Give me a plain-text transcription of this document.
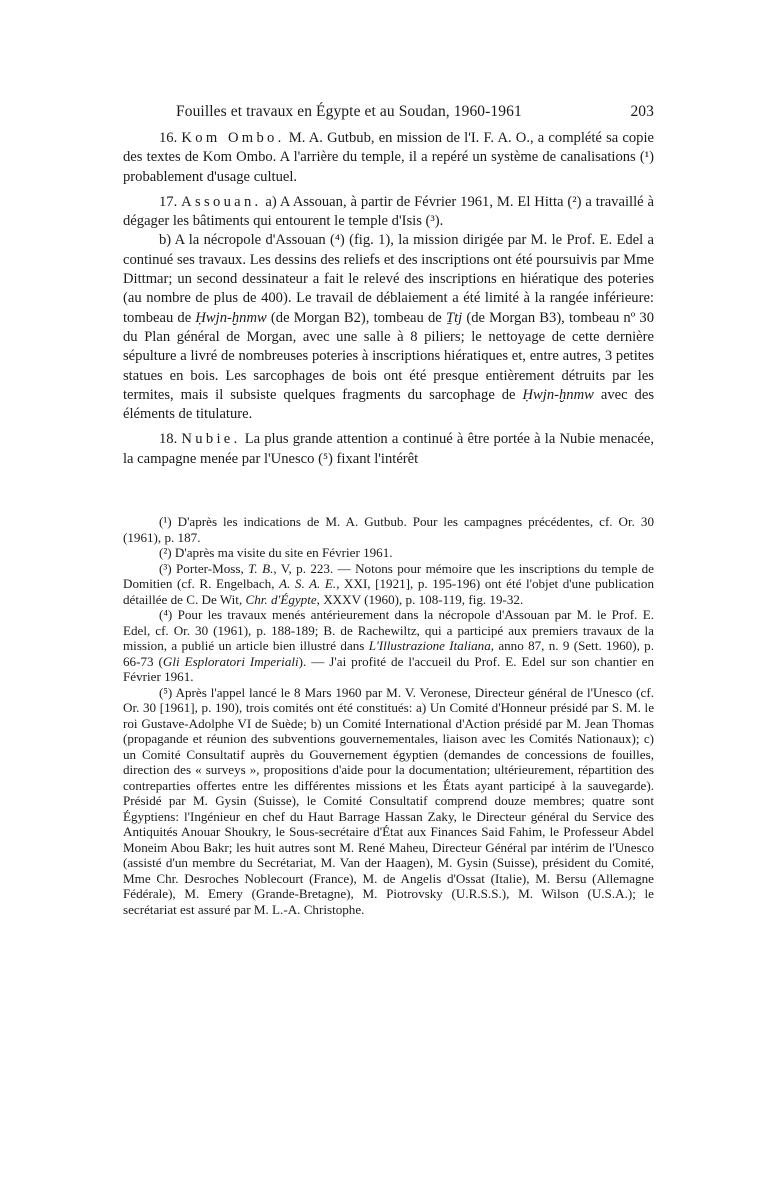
Fouilles et travaux en Égypte et au Soudan, 1960-1961	203

16. Kom Ombo. M. A. Gutbub, en mission de l'I. F. A. O., a complété sa copie des textes de Kom Ombo. A l'arrière du temple, il a repéré un système de canalisations (¹) probablement d'usage cultuel.

17. Assouan. a) A Assouan, à partir de Février 1961, M. El Hitta (²) a travaillé à dégager les bâtiments qui entourent le temple d'Isis (³).

b) A la nécropole d'Assouan (⁴) (fig. 1), la mission dirigée par M. le Prof. E. Edel a continué ses travaux. Les dessins des reliefs et des inscriptions ont été poursuivis par Mme Dittmar; un second dessinateur a fait le relevé des inscriptions en hiératique des poteries (au nombre de plus de 400). Le travail de déblaiement a été limité à la rangée inférieure: tombeau de Ḥwjn-ḫnmw (de Morgan B2), tombeau de Ṯtj (de Morgan B3), tombeau nº 30 du Plan général de Morgan, avec une salle à 8 piliers; le nettoyage de cette dernière sépulture a livré de nombreuses poteries à inscriptions hiératiques et, entre autres, 3 petites statues en bois. Les sarcophages de bois ont été presque entièrement détruits par les termites, mais il subsiste quelques fragments du sarcophage de Ḥwjn-ḫnmw avec des éléments de titulature.

18. Nubie. La plus grande attention a continué à être portée à la Nubie menacée, la campagne menée par l'Unesco (⁵) fixant l'intérêt

(¹) D'après les indications de M. A. Gutbub. Pour les campagnes précédentes, cf. Or. 30 (1961), p. 187.

(²) D'après ma visite du site en Février 1961.

(³) Porter-Moss, T. B., V, p. 223. — Notons pour mémoire que les inscriptions du temple de Domitien (cf. R. Engelbach, A. S. A. E., XXI, [1921], p. 195-196) ont été l'objet d'une publication détaillée de C. De Wit, Chr. d'Égypte, XXXV (1960), p. 108-119, fig. 19-32.

(⁴) Pour les travaux menés antérieurement dans la nécropole d'Assouan par M. le Prof. E. Edel, cf. Or. 30 (1961), p. 188-189; B. de Rachewiltz, qui a participé aux premiers travaux de la mission, a publié un article bien illustré dans L'Illustrazione Italiana, anno 87, n. 9 (Sett. 1960), p. 66-73 (Gli Esploratori Imperiali). — J'ai profité de l'accueil du Prof. E. Edel sur son chantier en Février 1961.

(⁵) Après l'appel lancé le 8 Mars 1960 par M. V. Veronese, Directeur général de l'Unesco (cf. Or. 30 [1961], p. 190), trois comités ont été constitués: a) Un Comité d'Honneur présidé par S. M. le roi Gustave-Adolphe VI de Suède; b) un Comité International d'Action présidé par M. Jean Thomas (propagande et réunion des subventions gouvernementales, liaison avec les Comités Nationaux); c) un Comité Consultatif auprès du Gouvernement égyptien (demandes de concessions de fouilles, direction des « surveys », propositions d'aide pour la documentation; ultérieurement, répartition des contreparties offertes entre les différentes missions et les États ayant participé à la sauvegarde). Présidé par M. Gysin (Suisse), le Comité Consultatif comprend douze membres; quatre sont Égyptiens: l'Ingénieur en chef du Haut Barrage Hassan Zaky, le Directeur général du Service des Antiquités Anouar Shoukry, le Sous-secrétaire d'État aux Finances Said Fahim, le Professeur Abdel Moneim Abou Bakr; les huit autres sont M. René Maheu, Directeur Général par intérim de l'Unesco (assisté d'un membre du Secrétariat, M. Van der Haagen), M. Gysin (Suisse), président du Comité, Mme Chr. Desroches Noblecourt (France), M. de Angelis d'Ossat (Italie), M. Bersu (Allemagne Fédérale), M. Emery (Grande-Bretagne), M. Piotrovsky (U.R.S.S.), M. Wilson (U.S.A.); le secrétariat est assuré par M. L.-A. Christophe.
